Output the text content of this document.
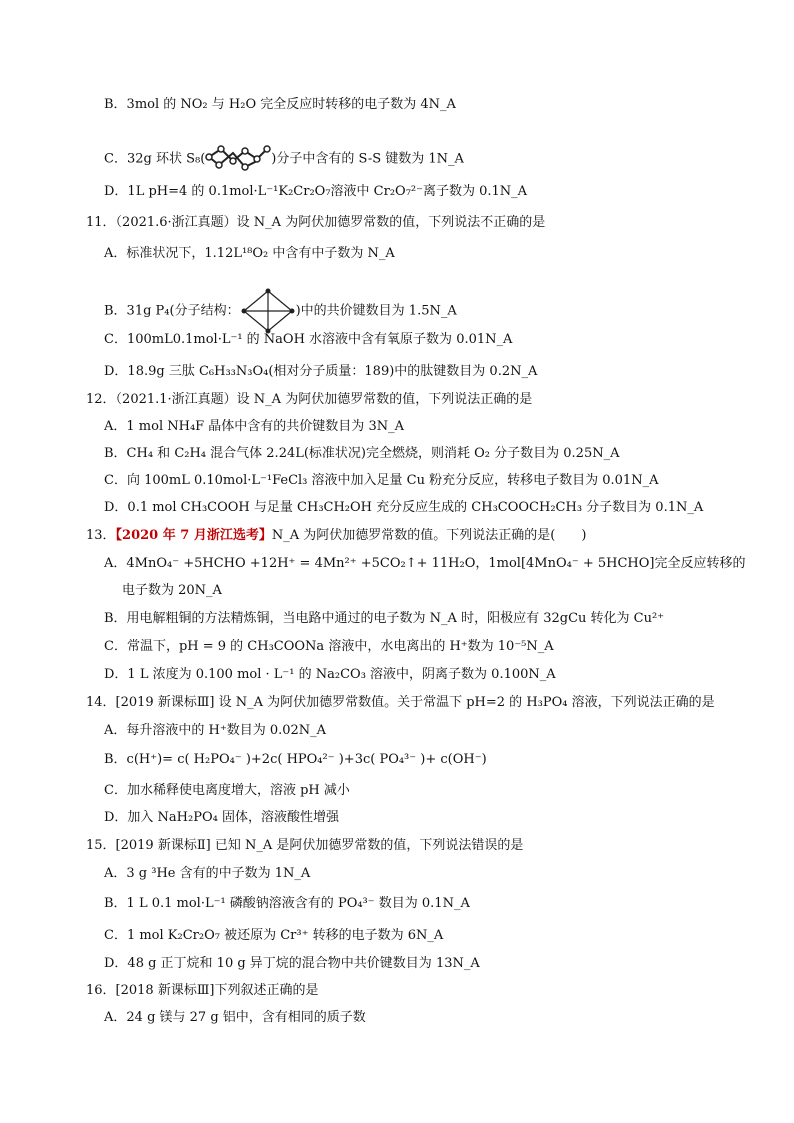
B．3mol 的 NO₂ 与 H₂O 完全反应时转移的电子数为 4N_A
C．32g 环状 S₈(	)分子中含有的 S-S 键数为 1N_A
D．1L pH=4 的 0.1mol·L⁻¹K₂Cr₂O₇溶液中 Cr₂O₇²⁻离子数为 0.1N_A
11．（2021.6·浙江真题）设 N_A 为阿伏加德罗常数的值，下列说法不正确的是
A．标准状况下，1.12L¹⁸O₂ 中含有中子数为 N_A
B．31g P₄(分子结构：	)中的共价键数目为 1.5N_A
C．100mL0.1mol·L⁻¹ 的 NaOH 水溶液中含有氧原子数为 0.01N_A
D．18.9g 三肽 C₆H₃₃N₃O₄(相对分子质量：189)中的肽键数目为 0.2N_A
12．（2021.1·浙江真题）设 N_A 为阿伏加德罗常数的值，下列说法正确的是
A．1 mol NH₄F 晶体中含有的共价键数目为 3N_A
B．CH₄ 和 C₂H₄ 混合气体 2.24L(标准状况)完全燃烧，则消耗 O₂ 分子数目为 0.25N_A
C．向 100mL 0.10mol·L⁻¹FeCl₃ 溶液中加入足量 Cu 粉充分反应，转移电子数目为 0.01N_A
D．0.1 mol CH₃COOH 与足量 CH₃CH₂OH 充分反应生成的 CH₃COOCH₂CH₃ 分子数目为 0.1N_A
13．【2020 年 7 月浙江选考】N_A 为阿伏加德罗常数的值。下列说法正确的是(　　)
A．4MnO₄⁻ +5HCHO +12H⁺ = 4Mn²⁺ +5CO₂↑+ 11H₂O，1mol[4MnO₄⁻ + 5HCHO]完全反应转移的
电子数为 20N_A
B．用电解粗铜的方法精炼铜，当电路中通过的电子数为 N_A 时，阳极应有 32gCu 转化为 Cu²⁺
C．常温下，pH = 9 的 CH₃COONa 溶液中，水电离出的 H⁺数为 10⁻⁵N_A
D．1 L 浓度为 0.100 mol · L⁻¹ 的 Na₂CO₃ 溶液中，阴离子数为 0.100N_A
14．[2019 新课标Ⅲ] 设 N_A 为阿伏加德罗常数值。关于常温下 pH=2 的 H₃PO₄ 溶液，下列说法正确的是
A．每升溶液中的 H⁺数目为 0.02N_A
B．c(H⁺)= c( H₂PO₄⁻ )+2c( HPO₄²⁻ )+3c( PO₄³⁻ )+ c(OH⁻)
C．加水稀释使电离度增大，溶液 pH 减小
D．加入 NaH₂PO₄ 固体，溶液酸性增强
15．[2019 新课标Ⅱ] 已知 N_A 是阿伏加德罗常数的值，下列说法错误的是
A．3 g ³He 含有的中子数为 1N_A
B．1 L 0.1 mol·L⁻¹ 磷酸钠溶液含有的 PO₄³⁻ 数目为 0.1N_A
C．1 mol K₂Cr₂O₇ 被还原为 Cr³⁺ 转移的电子数为 6N_A
D．48 g 正丁烷和 10 g 异丁烷的混合物中共价键数目为 13N_A
16．[2018 新课标Ⅲ]下列叙述正确的是
A．24 g 镁与 27 g 铝中，含有相同的质子数
